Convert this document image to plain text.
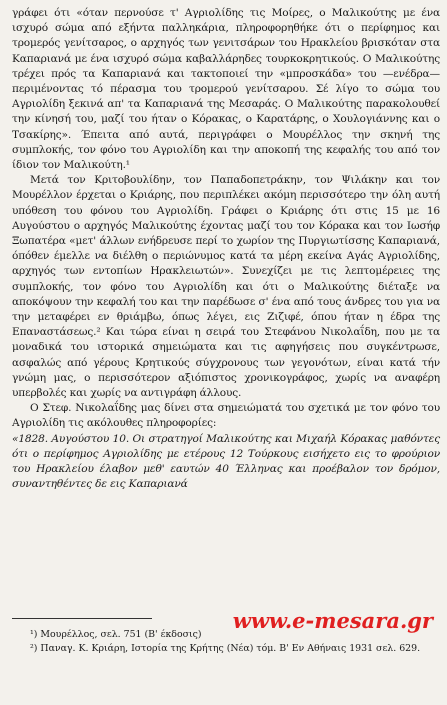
γράφει ότι «όταν περνούσε τ' Αγριολίδης τις Μοίρες, ο Μαλικούτης με ένα ισχυρό σώμα από εξήντα παλληκάρια, πληροφορηθήκε ότι ο περίφημος και τρομερός γενίτσαρος, ο αρχηγός των γενιτσάρων του Ηρακλείου βρισκόταν στα Καπαριανά με ένα ισχυρό σώμα καβαλλάρηδες τουρκοκρητικούς. Ο Μαλικούτης τρέχει πρός τα Καπαριανά και τακτοποιεί την «μπροσκάδα» του —ενέδρα— περιμένοντας τό πέρασμα του τρομερού γενίτσαρου. Σέ λίγο το σώμα του Αγριολίδη ξεκινά απ' τα Καπαριανά της Μεσαράς. Ο Μαλικούτης παρακολουθεί την κίνησή του, μαζί του ήταν ο Κόρακας, ο Καρατάρης, ο Χουλογιάννης και ο Τσακίρης». Έπειτα από αυτά, περιγράφει ο Μουρέλλος την σκηνή της συμπλοκής, τον φόνο του Αγριολίδη και την αποκοπή της κεφαλής του από τον ίδιον τον Μαλικούτη.¹

Μετά τον Κριτοβουλίδην, τον Παπαδοπετράκην, τον Ψιλάκην και τον Μουρέλλον έρχεται ο Κριάρης, που περιπλέκει ακόμη περισσότερο την όλη αυτή υπόθεση του φόνου του Αγριολίδη. Γράφει ο Κριάρης ότι στις 15 με 16 Αυγούστου ο αρχηγός Μαλικούτης έχοντας μαζί του τον Κόρακα και τον Ιωσήφ Ξωπατέρα «μετ' άλλων ενήδρευσε περί το χωρίον της Πυργιωτίσσης Καπαριανά, όπόθεν έμελλε να διέλθη ο περιώνυμος κατά τα μέρη εκείνα Αγάς Αγριολίδης, αρχηγός των εντοπίων Ηρακλειωτών». Συνεχίζει με τις λεπτομέρειες της συμπλοκής, τον φόνο του Αγριολίδη και ότι ο Μαλικούτης διέταξε να αποκόψουν την κεφαλή του και την παρέδωσε σ' ένα από τους άνδρες του για να την μεταφέρει εν θριάμβω, όπως λέγει, εις Ζιζιφέ, όπου ήταν η έδρα της Επαναστάσεως.² Και τώρα είναι η σειρά του Στεφάνου Νικολαΐδη, που με τα μοναδικά του ιστορικά σημειώματα και τις αφηγήσεις που συγκέντρωσε, ασφαλώς από γέρους Κρητικούς σύγχρονους των γεγονότων, είναι κατά τήν γνώμη μας, ο περισσότερον αξιόπιστος χρονικογράφος, χωρίς να αναφέρη υπερβολές και χωρίς να αντιγράφη άλλους.

Ο Στεφ. Νικολαΐδης μας δίνει στα σημειώματά του σχετικά με τον φόνο του Αγριολίδη τις ακόλουθες πληροφορίες:

«1828. Αυγούστου 10. Οι στρατηγοί Μαλικούτης και Μιχαήλ Κόρακας μαθόντες ότι ο περίφημος Αγριολίδης με ετέρους 12 Τούρκους εισήχετο εις το φρούριον του Ηρακλείου έλαβον μεθ' εαυτών 40 Έλληνας και προέβαλον τον δρόμον, συναντηθέντες δε εις Καπαριανά

www.e-mesara.gr
¹) Μουρέλλος, σελ. 751 (Β' έκδοσις)
²) Παναγ. Κ. Κριάρη, Ιστορία της Κρήτης (Νέα) τόμ. Β' Εν Αθήναις 1931 σελ. 629.
